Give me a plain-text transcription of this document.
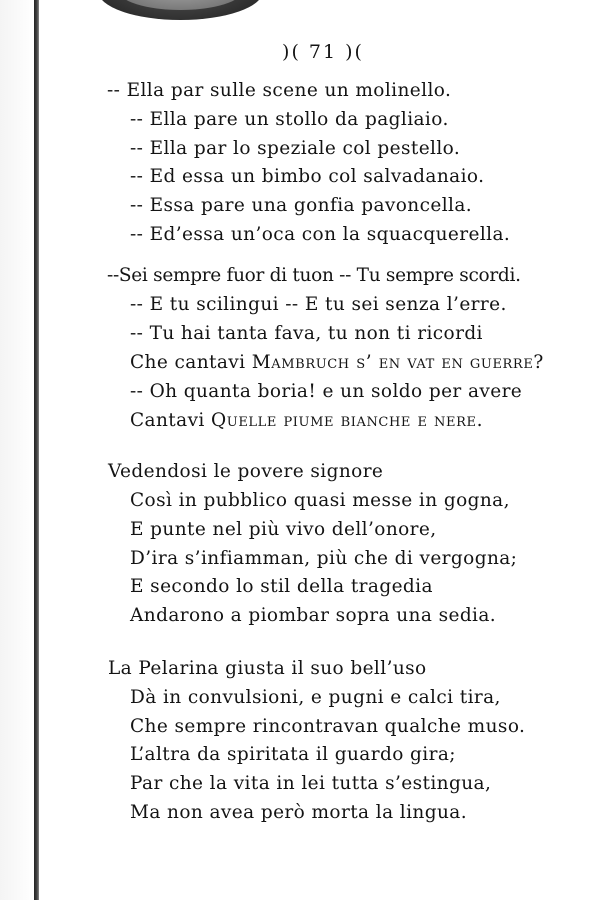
)( 71 )(
-- Ella par sulle scene un molinello.
-- Ella pare un stollo da pagliaio.
-- Ella par lo speziale col pestello.
-- Ed essa un bimbo col salvadanaio.
-- Essa pare una gonfia pavoncella.
-- Ed’essa un’oca con la squacquerella.
--Sei sempre fuor di tuon -- Tu sempre scordi.
-- E tu scilingui -- E tu sei senza l’erre.
-- Tu hai tanta fava, tu non ti ricordi
Che cantavi Mambruch s’ en vat en guerre?
-- Oh quanta boria! e un soldo per avere
Cantavi Quelle piume bianche e nere.
Vedendosi le povere signore
Così in pubblico quasi messe in gogna,
E punte nel più vivo dell’onore,
D’ira s’infiamman, più che di vergogna;
E secondo lo stil della tragedia
Andarono a piombar sopra una sedia.
La Pelarina giusta il suo bell’uso
Dà in convulsioni, e pugni e calci tira,
Che sempre rincontravan qualche muso.
L’altra da spiritata il guardo gira;
Par che la vita in lei tutta s’estingua,
Ma non avea però morta la lingua.
